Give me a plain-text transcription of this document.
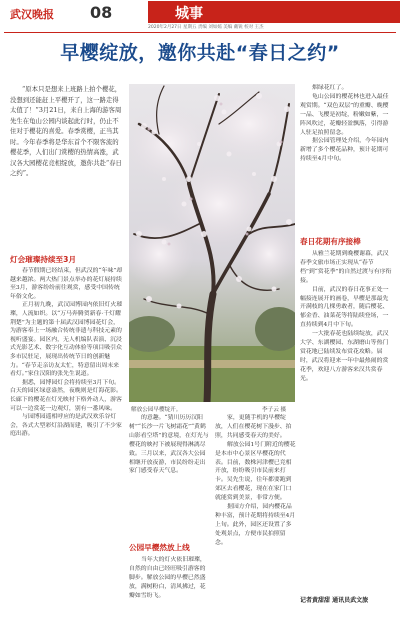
武汉晚报 08	城事
2020年2月27日 星期五 责编 刘如嫣 美编 戴锐 校对 王杰
早樱绽放，邀你共赴“春日之约”

“原本只是想来上班路上拍个樱花，没想到还能赶上平樱开了，这一路走得太值了！”3月21日，来自上海的游客周先生在龟山公园内谈起此行时，仍止不住对于樱花的喜爱。春季赏樱，正当其时。今年春季将是华东首个不限客流的樱花季，人们出门赏樱的热情高涨，武汉各大园樱花竞相绽放，邀你共赴“春日之约”。

灯会璀璨持续至3月

春节假期已经结束，但武汉的“年味”却越来越浓。两大热门景点举办的花灯展持续至3月，游客纷纷前往观赏，感受中国传统年俗文化。

正月初九晚，武汉园博园内依旧灯火璀璨，人流如织。以“万马奔腾贺新春·千灯耀荆楚”为主题的第十届武汉园博园花灯会，为游客奉上一场融合传统非遗与科技元素的视听盛宴。园区内，无人机编队表演、沉浸式光影艺术、数字化互动体验等项目吸引众多市民驻足，展现出传统节日的创新魅力。“春节走亲访友太忙，特意留出周末来看灯。”家住汉阳的张先生说道。

据悉，园博园灯会将持续至3月下旬。白天的园区绿意盎然，夜晚则是灯海花影。长廊下的樱花在灯光映衬下格外动人，游客可以一边赏花一边观灯，别有一番风味。

与园博园遥相呼应的是武汉欢乐谷灯会，各式大型彩灯沿湖而建，吸引了不少家庭出游。

解放公园早樱绽开。	李子云 摄

的意趣。“猜川历历汉阳树”“长沙一片飞树霜花”“黄鹤山影看空塔”的意境，在灯光与樱花的映衬下被展现得淋漓尽致。三月以来，武汉各大公园相继开放夜游，市民纷纷走出家门感受春天气息。

公园早樱然放上线

当年大的灯火依旧璀璨，自然的自由已经旺吸引游客的脚步。解放公园的早樱已然盛放，满树粉白，清风拂过，花瓣如雪纷飞。

家，更随手机的早樱绽放，人们在樱花树下漫步、拍照，共同感受春天的美好。

解放公园1号门附近的樱花是本市中心景区早樱花的代表。目前，数株河津樱已竞相开放，纷纷吸引市民前来打卡。吴先生说，往年都要跑到郊区去看樱花，现在在家门口就能赏到美景，非常方便。

据园方介绍，园内樱花品种丰富，预计花期将持续至4月上旬。此外，园区还设置了多处观景点，方便市民拍照留念。

烟绿花红了。

龟山公园的樱花林也进入最佳观赏期。“双色双层”的重瓣、晚樱一品、飞樱是初绽，粉嫩如紫，一阵风吹过，花瓣轻盈飘落，引得游人驻足拍照留念。

据公园管理处介绍，今年园内新增了多个樱花品种，预计花期可持续至4月中旬。

春日花期有序接棒

从雅兰花期到晚樱谢幕，武汉春季文旅市场正实现从“春节档”到“赏花季”的自然过渡与有序衔接。

目前，武汉的春日花事正处一幅接连展开的画卷，早樱是那最先开满枝的几棵勇敢者，随后樱花、郁金香、油菜花等将陆续登场，一直持续到4月中下旬。

一大批春花也陆续绽放，武汉大学、东湖樱园、东湖磨山等热门赏花地已陆续发布赏花攻略。届时，武汉将迎来一年中最热闹的赏花季，欢迎八方游客来汉共赏春光。

记者黄甜甜 通讯员武文旅
